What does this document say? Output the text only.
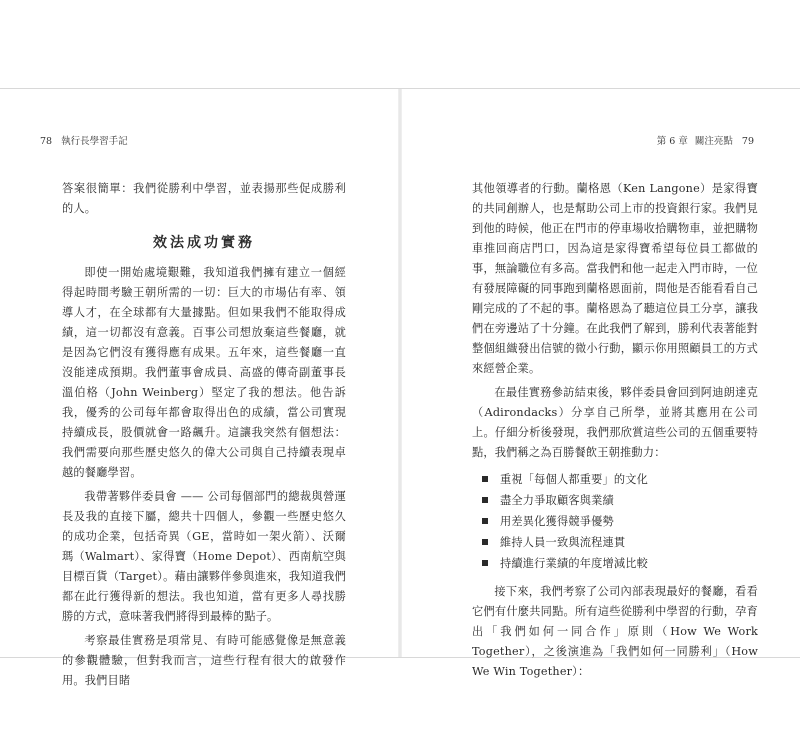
78 執行長學習手記

答案很簡單：我們從勝利中學習，並表揚那些促成勝利的人。

效法成功實務

即使一開始處境艱難，我知道我們擁有建立一個經得起時間考驗王朝所需的一切：巨大的市場佔有率、領導人才，在全球都有大量據點。但如果我們不能取得成績，這一切都沒有意義。百事公司想放棄這些餐廳，就是因為它們沒有獲得應有成果。五年來，這些餐廳一直沒能達成預期。我們董事會成員、高盛的傳奇副董事長溫伯格（John Weinberg）堅定了我的想法。他告訴我，優秀的公司每年都會取得出色的成績，當公司實現持續成長，股價就會一路飆升。這讓我突然有個想法：我們需要向那些歷史悠久的偉大公司與自己持續表現卓越的餐廳學習。

我帶著夥伴委員會 —— 公司每個部門的總裁與營運長及我的直接下屬，總共十四個人，參觀一些歷史悠久的成功企業，包括奇異（GE，當時如一架火箭）、沃爾瑪（Walmart）、家得寶（Home Depot）、西南航空與目標百貨（Target）。藉由讓夥伴參與進來，我知道我們都在此行獲得新的想法。我也知道，當有更多人尋找勝勝的方式，意味著我們將得到最棒的點子。

考察最佳實務是項常見、有時可能感覺像是無意義的參觀體驗，但對我而言，這些行程有很大的啟發作用。我們目睹

第 6 章 關注亮點 79

其他領導者的行動。蘭格恩（Ken Langone）是家得寶的共同創辦人，也是幫助公司上市的投資銀行家。我們見到他的時候，他正在門市的停車場收拾購物車，並把購物車推回商店門口，因為這是家得寶希望每位員工都做的事，無論職位有多高。當我們和他一起走入門市時，一位有發展障礙的同事跑到蘭格恩面前，問他是否能看看自己剛完成的了不起的事。蘭格恩為了聽這位員工分享，讓我們在旁邊站了十分鐘。在此我們了解到，勝利代表著能對整個組織發出信號的微小行動，顯示你用照顧員工的方式來經營企業。

在最佳實務參訪結束後，夥伴委員會回到阿迪朗達克（Adirondacks）分享自己所學，並將其應用在公司上。仔細分析後發現，我們那欣賞這些公司的五個重要特點，我們稱之為百勝餐飲王朝推動力：

重視「每個人都重要」的文化
盡全力爭取顧客與業績
用差異化獲得競爭優勢
維持人員一致與流程連貫
持續進行業績的年度增減比較

接下來，我們考察了公司內部表現最好的餐廳，看看它們有什麼共同點。所有這些從勝利中學習的行動，孕育出「我們如何一同合作」原則（How We Work Together），之後演進為「我們如何一同勝利」（How We Win Together）：
